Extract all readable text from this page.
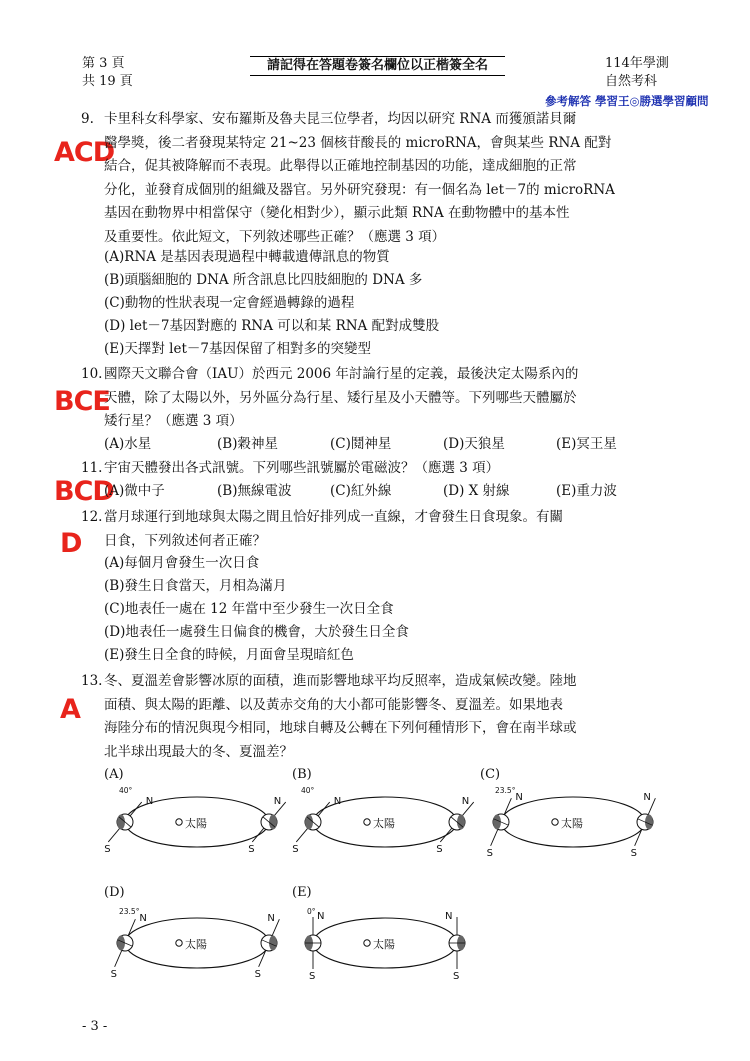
第 3 頁
共 19 頁
請記得在答題卷簽名欄位以正楷簽全名	114年學測
自然考科
參考解答 學習王◎勝選學習顧問
ACD
9. 卡里科女科學家、安布羅斯及魯夫昆三位學者，均因以研究 RNA 而獲頒諾貝爾
醫學獎，後二者發現某特定 21~23 個核苷酸長的 microRNA，會與某些 RNA 配對
結合，促其被降解而不表現。此舉得以正確地控制基因的功能，達成細胞的正常
分化，並發育成個別的組織及器官。另外研究發現：有一個名為 let－7的 microRNA
基因在動物界中相當保守（變化相對少），顯示此類 RNA 在動物體中的基本性
及重要性。依此短文，下列敘述哪些正確？（應選 3 項）
(A)RNA 是基因表現過程中轉載遺傳訊息的物質
(B)頭腦細胞的 DNA 所含訊息比四肢細胞的 DNA 多
(C)動物的性狀表現一定會經過轉錄的過程
(D) let－7基因對應的 RNA 可以和某 RNA 配對成雙股
(E)天擇對 let－7基因保留了相對多的突變型
BCE
10. 國際天文聯合會（IAU）於西元 2006 年討論行星的定義，最後決定太陽系內的
天體，除了太陽以外，另外區分為行星、矮行星及小天體等。下列哪些天體屬於
矮行星？（應選 3 項）
(A)水星	(B)穀神星	(C)鬩神星	(D)天狼星	(E)冥王星
BCD
11. 宇宙天體發出各式訊號。下列哪些訊號屬於電磁波？（應選 3 項）
(A)微中子	(B)無線電波	(C)紅外線	(D) X 射線	(E)重力波
D
12. 當月球運行到地球與太陽之間且恰好排列成一直線，才會發生日食現象。有關
日食，下列敘述何者正確？
(A)每個月會發生一次日食
(B)發生日食當天，月相為滿月
(C)地表任一處在 12 年當中至少發生一次日全食
(D)地表任一處發生日偏食的機會，大於發生日全食
(E)發生日全食的時候，月面會呈現暗紅色
A
13. 冬、夏溫差會影響冰原的面積，進而影響地球平均反照率，造成氣候改變。陸地
面積、與太陽的距離、以及黃赤交角的大小都可能影響冬、夏溫差。如果地表
海陸分布的情況與現今相同，地球自轉及公轉在下列何種情形下，會在南半球或
北半球出現最大的冬、夏溫差？
(A)	(B)	(C)
(D)	(E)
太陽
N
S
N
S
40°
太陽
N
S
N
S
40°
太陽
N
S
N
S
23.5°
太陽
N
S
N
S
23.5°
太陽
N
S
N
S
0°
- 3 -
